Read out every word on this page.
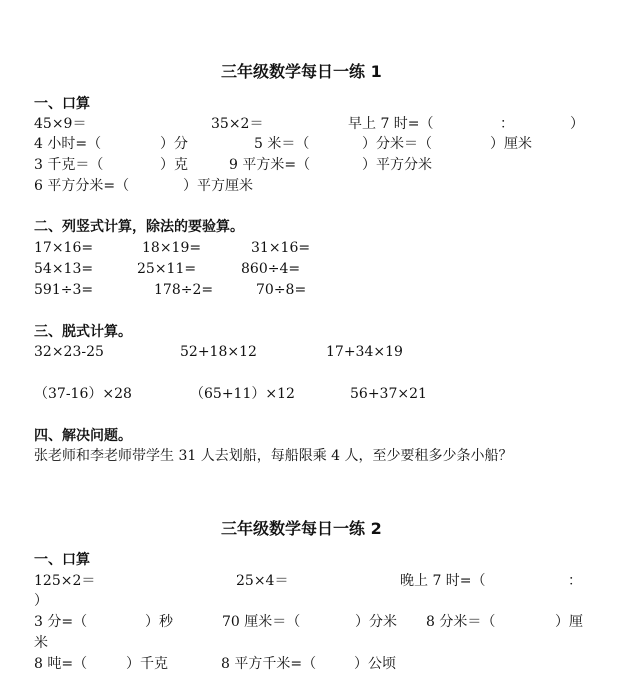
三年级数学每日一练 1
一、口算
45×9＝	35×2＝	早上 7 时=（	：	）
4 小时=（	）分	5 米＝（	）分米＝（	）厘米
3 千克＝（	）克	9 平方米=（	）平方分米
6 平方分米=（	）平方厘米
二、列竖式计算，除法的要验算。
17×16=	18×19=	31×16=
54×13=	25×11=	860÷4=
591÷3=	178÷2=	70÷8=
三、脱式计算。
32×23-25	52+18×12	17+34×19
（37-16）×28	（65+11）×12	56+37×21
四、解决问题。
张老师和李老师带学生 31 人去划船，每船限乘 4 人，至少要租多少条小船？
三年级数学每日一练 2
一、口算
125×2＝	25×4＝	晚上 7 时=（	：
）
3 分=（	）秒	70 厘米＝（	）分米 8 分米＝（	）厘
米
8 吨=（	）千克	8 平方千米=（	）公顷
